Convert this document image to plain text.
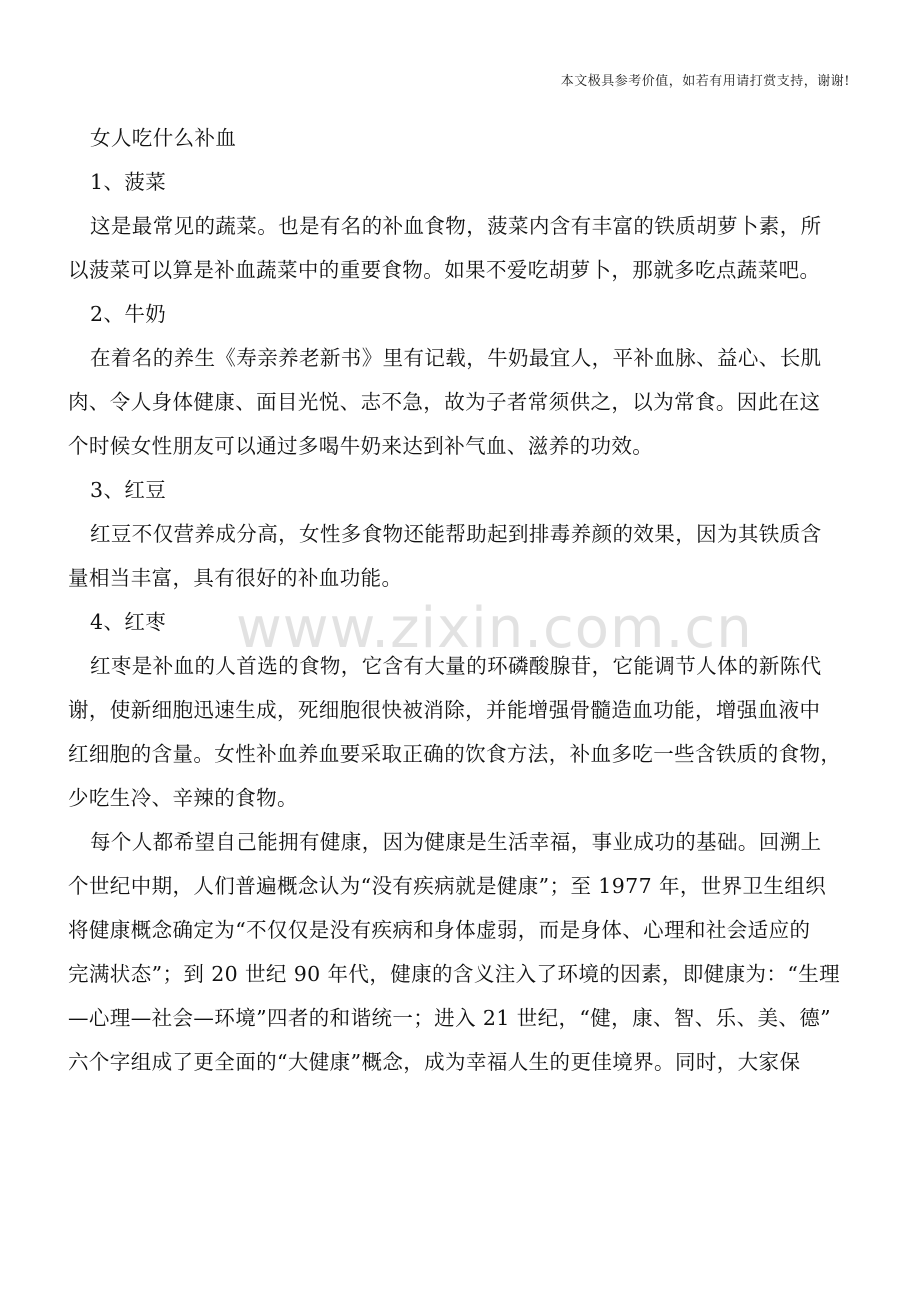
本文极具参考价值，如若有用请打赏支持，谢谢!
女人吃什么补血
1、菠菜
这是最常见的蔬菜。也是有名的补血食物，菠菜内含有丰富的铁质胡萝卜素，所
以菠菜可以算是补血蔬菜中的重要食物。如果不爱吃胡萝卜，那就多吃点蔬菜吧。
2、牛奶
在着名的养生《寿亲养老新书》里有记载，牛奶最宜人，平补血脉、益心、长肌
肉、令人身体健康、面目光悦、志不急，故为子者常须供之，以为常食。因此在这
个时候女性朋友可以通过多喝牛奶来达到补气血、滋养的功效。
3、红豆
红豆不仅营养成分高，女性多食物还能帮助起到排毒养颜的效果，因为其铁质含
量相当丰富，具有很好的补血功能。
4、红枣
红枣是补血的人首选的食物，它含有大量的环磷酸腺苷，它能调节人体的新陈代
谢，使新细胞迅速生成，死细胞很快被消除，并能增强骨髓造血功能，增强血液中
红细胞的含量。女性补血养血要采取正确的饮食方法，补血多吃一些含铁质的食物，
少吃生冷、辛辣的食物。
每个人都希望自己能拥有健康，因为健康是生活幸福，事业成功的基础。回溯上
个世纪中期，人们普遍概念认为“没有疾病就是健康”；至 1977 年，世界卫生组织
将健康概念确定为“不仅仅是没有疾病和身体虚弱，而是身体、心理和社会适应的
完满状态”；到 20 世纪 90 年代，健康的含义注入了环境的因素，即健康为：“生理
—心理—社会—环境”四者的和谐统一；进入 21 世纪，“健，康、智、乐、美、德”
六个字组成了更全面的“大健康”概念，成为幸福人生的更佳境界。同时，大家保
www.zixin.com.cn
